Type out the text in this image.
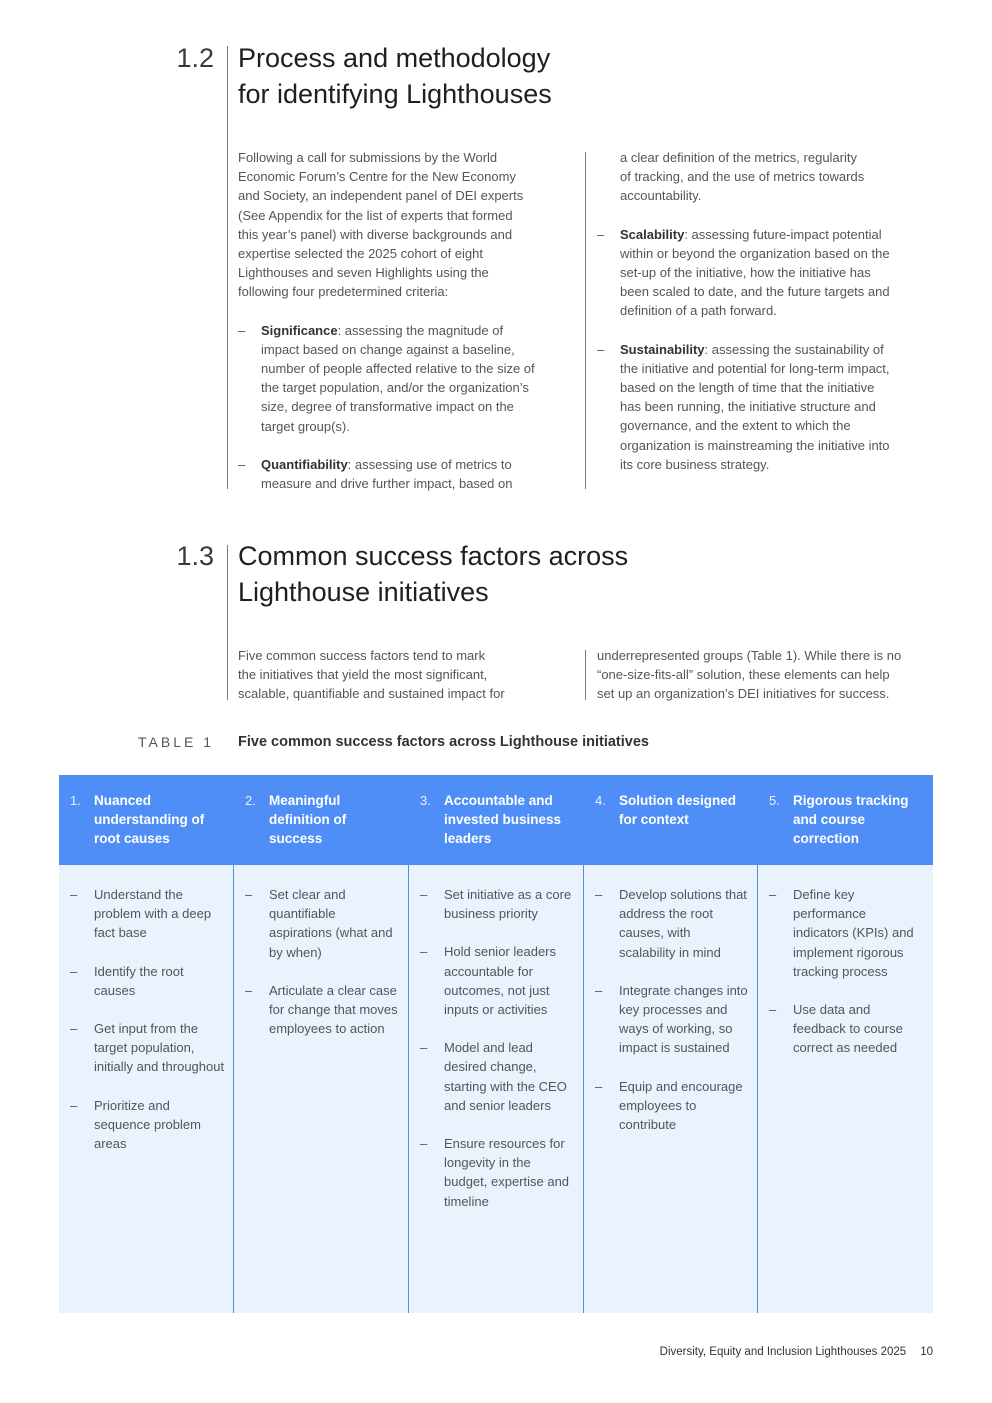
1.2 Process and methodology
for identifying Lighthouses

Following a call for submissions by the World
Economic Forum’s Centre for the New Economy
and Society, an independent panel of DEI experts
(See Appendix for the list of experts that formed
this year’s panel) with diverse backgrounds and
expertise selected the 2025 cohort of eight
Lighthouses and seven Highlights using the
following four predetermined criteria:

– Significance: assessing the magnitude of
impact based on change against a baseline,
number of people affected relative to the size of
the target population, and/or the organization’s
size, degree of transformative impact on the
target group(s).
– Quantifiability: assessing use of metrics to
measure and drive further impact, based on
a clear definition of the metrics, regularity
of tracking, and the use of metrics towards
accountability.
– Scalability: assessing future-impact potential
within or beyond the organization based on the
set-up of the initiative, how the initiative has
been scaled to date, and the future targets and
definition of a path forward.
– Sustainability: assessing the sustainability of
the initiative and potential for long-term impact,
based on the length of time that the initiative
has been running, the initiative structure and
governance, and the extent to which the
organization is mainstreaming the initiative into
its core business strategy.
1.3 Common success factors across
Lighthouse initiatives
Five common success factors tend to mark
the initiatives that yield the most significant,
scalable, quantifiable and sustained impact for
underrepresented groups (Table 1). While there is no
“one-size-fits-all” solution, these elements can help
set up an organization’s DEI initiatives for success.
TABLE 1 Five common success factors across Lighthouse initiatives
1. Nuanced understanding of root causes
– Understand the problem with a deep fact base
– Identify the root causes
– Get input from the target population, initially and throughout
– Prioritize and sequence problem areas
2. Meaningful definition of success
– Set clear and quantifiable aspirations (what and by when)
– Articulate a clear case for change that moves employees to action
3. Accountable and invested business leaders
– Set initiative as a core business priority
– Hold senior leaders accountable for outcomes, not just inputs or activities
– Model and lead desired change, starting with the CEO and senior leaders
– Ensure resources for longevity in the budget, expertise and timeline
4. Solution designed for context
– Develop solutions that address the root causes, with scalability in mind
– Integrate changes into key processes and ways of working, so impact is sustained
– Equip and encourage employees to contribute
5. Rigorous tracking and course correction
– Define key performance indicators (KPIs) and implement rigorous tracking process
– Use data and feedback to course correct as needed
Diversity, Equity and Inclusion Lighthouses 2025 10
